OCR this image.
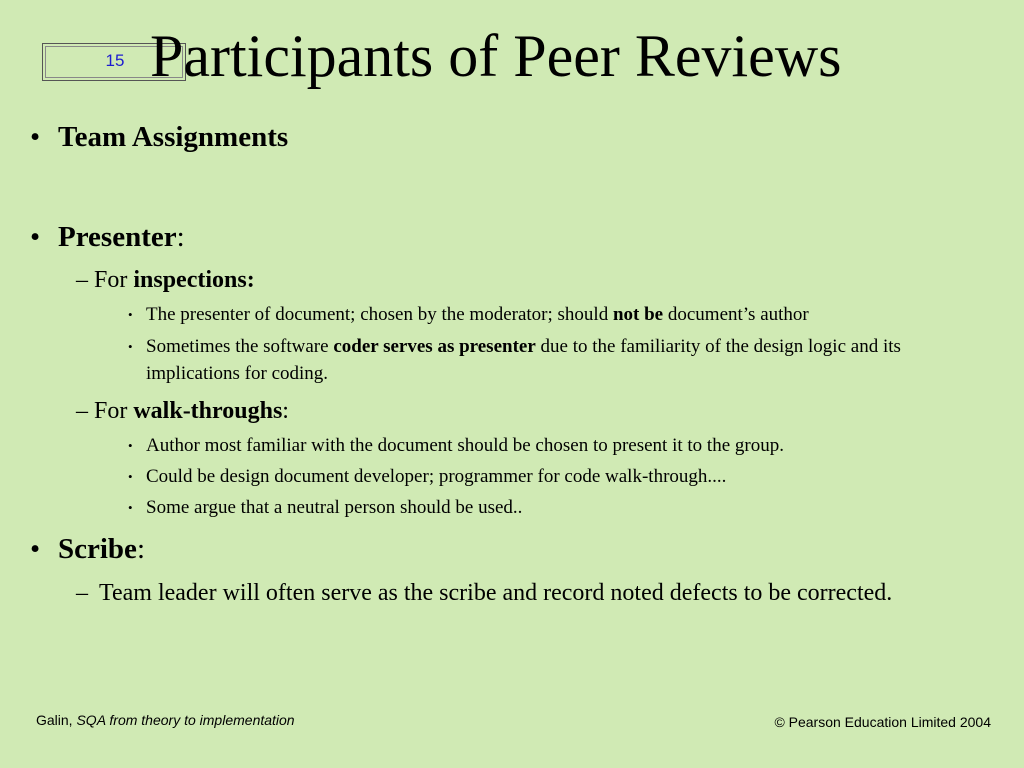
15 Participants of Peer Reviews
• Team Assignments
• Presenter:
– For inspections:
• The presenter of document; chosen by the moderator; should not be document’s author
• Sometimes the software coder serves as presenter due to the familiarity of the design logic and its implications for coding.
– For walk-throughs:
• Author most familiar with the document should be chosen to present it to the group.
• Could be design document developer; programmer for code walk-through....
• Some argue that a neutral person should be used..
• Scribe:
– Team leader will often serve as the scribe and record noted defects to be corrected.
Galin, SQA from theory to implementation	© Pearson Education Limited 2004
